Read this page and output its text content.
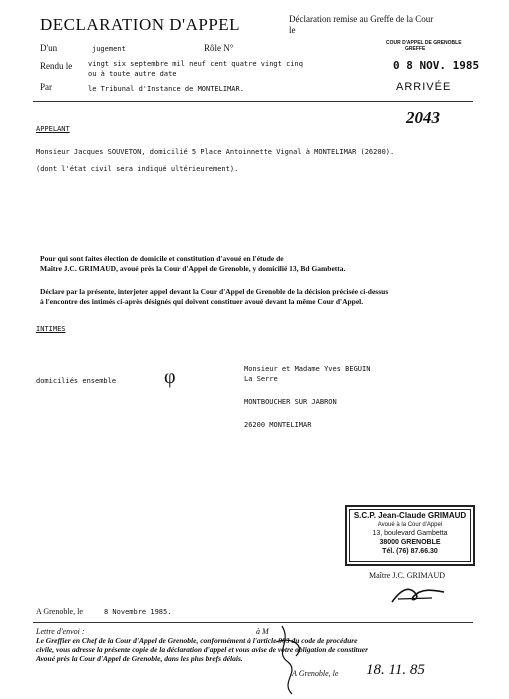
DECLARATION D'APPEL	Déclaration remise au Greffe de la Cour
le
COUR D'APPEL DE GRENOBLE
GREFFE
0 8 NOV. 1985
ARRIVÉE
D'un	jugement	Rôle N°
Rendu le vingt six septembre mil neuf cent quatre vingt cinq
ou à toute autre date
Par	le Tribunal d'Instance de MONTELIMAR.
2043
APPELANT
Monsieur Jacques SOUVETON, domicilié 5 Place Antoinnette Vignal à MONTELIMAR (26200).
(dont l'état civil sera indiqué ultérieurement).
Pour qui sont faites élection de domicile et constitution d'avoué en l'étude de
Maître J.C. GRIMAUD, avoué près la Cour d'Appel de Grenoble, y domicilié 13, Bd Gambetta.
Déclare par la présente, interjeter appel devant la Cour d'Appel de Grenoble de la décision précisée ci-dessus
à l'encontre des intimés ci-après désignés qui doivent constituer avoué devant la même Cour d'Appel.
INTIMES
domiciliés ensemble φ	Monsieur et Madame Yves BEGUIN
La Serre
MONTBOUCHER SUR JABRON
26200 MONTELIMAR
S.C.P. Jean-Claude GRIMAUD
Avoué à la Cour d'Appel
13, boulevard Gambetta
38000 GRENOBLE
Tél. (76) 87.66.30
Maître J.C. GRIMAUD
A Grenoble, le	8 Novembre 1985.
Lettre d'envoi :	à M
Le Greffier en Chef de la Cour d'Appel de Grenoble, conformément à l'article 903 du code de procédure
civile, vous adresse la présente copie de la déclaration d'appel et vous avise de votre obligation de constituer
Avoué près la Cour d'Appel de Grenoble, dans les plus brefs délais.
A Grenoble, le 18. 11. 85
